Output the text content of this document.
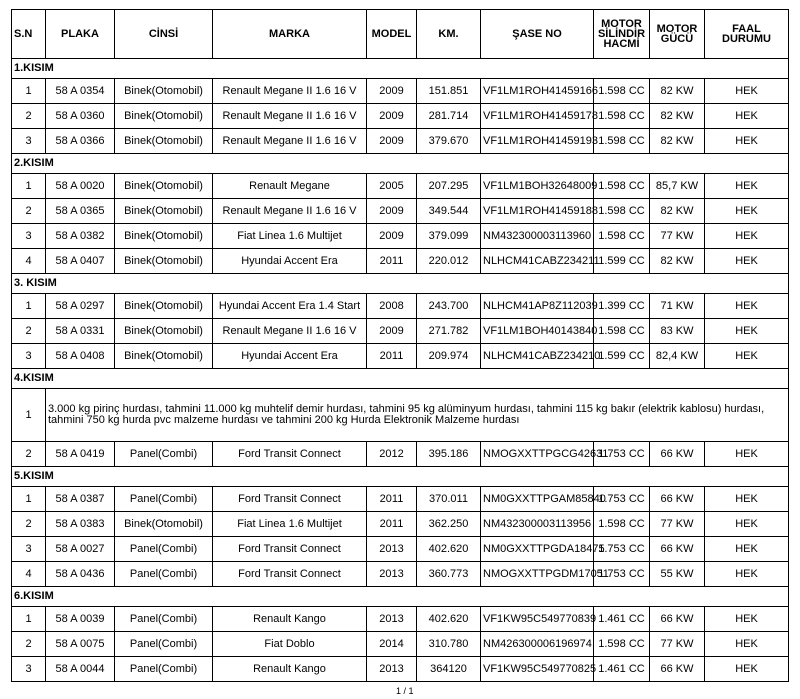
S.N	PLAKA	CİNSİ	MARKA	MODEL	KM.	ŞASE NO	MOTOR SİLİNDİR HACMİ	MOTOR GÜCÜ	FAAL DURUMU
1.KISIM									
1	58 A 0354	Binek(Otomobil)	Renault Megane II 1.6 16 V	2009	151.851	VF1LM1ROH41459166	1.598 CC	82 KW	HEK
2	58 A 0360	Binek(Otomobil)	Renault Megane II 1.6 16 V	2009	281.714	VF1LM1ROH41459178	1.598 CC	82 KW	HEK
3	58 A 0366	Binek(Otomobil)	Renault Megane II 1.6 16 V	2009	379.670	VF1LM1ROH41459193	1.598 CC	82 KW	HEK
2.KISIM									
1	58 A 0020	Binek(Otomobil)	Renault Megane	2005	207.295	VF1LM1BOH32648009	1.598 CC	85,7 KW	HEK
2	58 A 0365	Binek(Otomobil)	Renault Megane II 1.6 16 V	2009	349.544	VF1LM1ROH41459188	1.598 CC	82 KW	HEK
3	58 A 0382	Binek(Otomobil)	Fiat Linea 1.6 Multijet	2009	379.099	NM432300003113960	1.598 CC	77 KW	HEK
4	58 A 0407	Binek(Otomobil)	Hyundai Accent Era	2011	220.012	NLHCM41CABZ234211	1.599 CC	82 KW	HEK
3. KISIM									
1	58 A 0297	Binek(Otomobil)	Hyundai Accent Era 1.4 Start	2008	243.700	NLHCM41AP8Z112039	1.399 CC	71 KW	HEK
2	58 A 0331	Binek(Otomobil)	Renault Megane II 1.6 16 V	2009	271.782	VF1LM1BOH40143840	1.598 CC	83 KW	HEK
3	58 A 0408	Binek(Otomobil)	Hyundai Accent Era	2011	209.974	NLHCM41CABZ234210	1.599 CC	82,4 KW	HEK
4.KISIM									
1	3.000 kg pirinç hurdası, tahmini 11.000 kg muhtelif demir hurdası, tahmini 95 kg alüminyum hurdası, tahmini 115 kg bakır (elektrik kablosu) hurdası, tahmini 750 kg hurda pvc malzeme hurdası ve tahmini 200 kg Hurda Elektronik Malzeme hurdası								
2	58 A 0419	Panel(Combi)	Ford Transit Connect	2012	395.186	NMOGXXTTPGCG42631	1.753 CC	66 KW	HEK
5.KISIM									
1	58 A 0387	Panel(Combi)	Ford Transit Connect	2011	370.011	NM0GXXTTPGAM85840	1.753 CC	66 KW	HEK
2	58 A 0383	Binek(Otomobil)	Fiat Linea 1.6 Multijet	2011	362.250	NM432300003113956	1.598 CC	77 KW	HEK
3	58 A 0027	Panel(Combi)	Ford Transit Connect	2013	402.620	NM0GXXTTPGDA18475	1.753 CC	66 KW	HEK
4	58 A 0436	Panel(Combi)	Ford Transit Connect	2013	360.773	NMOGXXTTPGDM17051	1.753 CC	55 KW	HEK
6.KISIM									
1	58 A 0039	Panel(Combi)	Renault Kango	2013	402.620	VF1KW95C549770839	1.461 CC	66 KW	HEK
2	58 A 0075	Panel(Combi)	Fiat Doblo	2014	310.780	NM426300006196974	1.598 CC	77 KW	HEK
3	58 A 0044	Panel(Combi)	Renault Kango	2013	364120	VF1KW95C549770825	1.461 CC	66 KW	HEK
1 / 1
